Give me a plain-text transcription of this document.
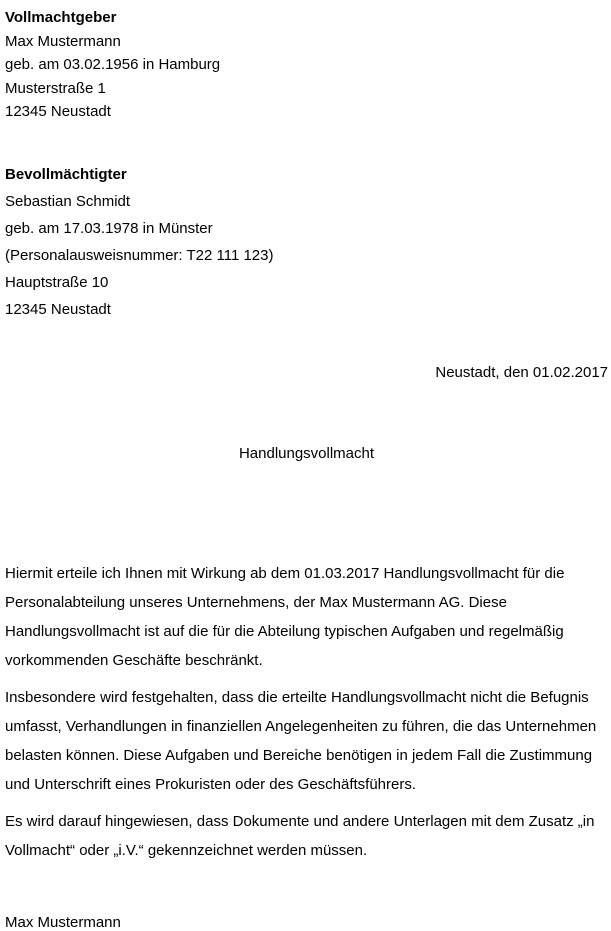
Vollmachtgeber
Max Mustermann
geb. am 03.02.1956 in Hamburg
Musterstraße 1
12345 Neustadt
Bevollmächtigter
Sebastian Schmidt
geb. am 17.03.1978 in Münster
(Personalausweisnummer: T22 111 123)
Hauptstraße 10
12345 Neustadt
Neustadt, den 01.02.2017
Handlungsvollmacht

Hiermit erteile ich Ihnen mit Wirkung ab dem 01.03.2017 Handlungsvollmacht für die Personalabteilung unseres Unternehmens, der Max Mustermann AG. Diese Handlungsvollmacht ist auf die für die Abteilung typischen Aufgaben und regelmäßig vorkommenden Geschäfte beschränkt.

Insbesondere wird festgehalten, dass die erteilte Handlungsvollmacht nicht die Befugnis umfasst, Verhandlungen in finanziellen Angelegenheiten zu führen, die das Unternehmen belasten können. Diese Aufgaben und Bereiche benötigen in jedem Fall die Zustimmung und Unterschrift eines Prokuristen oder des Geschäftsführers.

Es wird darauf hingewiesen, dass Dokumente und andere Unterlagen mit dem Zusatz „in Vollmacht“ oder „i.V.“ gekennzeichnet werden müssen.

Max Mustermann
